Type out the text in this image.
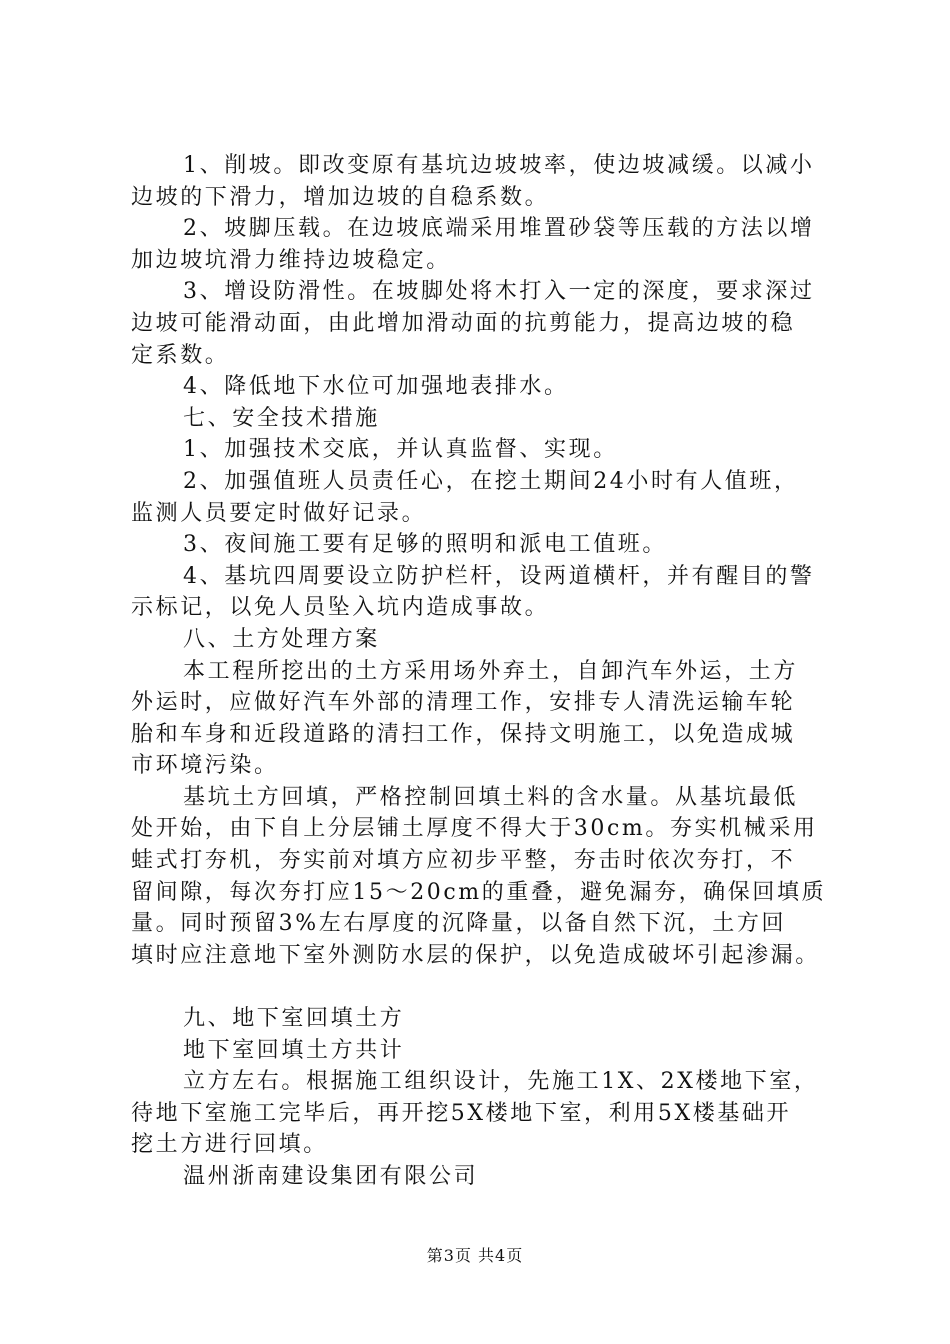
1、削坡。即改变原有基坑边坡坡率，使边坡减缓。以减小
边坡的下滑力，增加边坡的自稳系数。
2、坡脚压载。在边坡底端采用堆置砂袋等压载的方法以增
加边坡坑滑力维持边坡稳定。
3、增设防滑性。在坡脚处将木打入一定的深度，要求深过
边坡可能滑动面，由此增加滑动面的抗剪能力，提高边坡的稳
定系数。
4、降低地下水位可加强地表排水。
七、安全技术措施
1、加强技术交底，并认真监督、实现。
2、加强值班人员责任心，在挖土期间24小时有人值班，
监测人员要定时做好记录。
3、夜间施工要有足够的照明和派电工值班。
4、基坑四周要设立防护栏杆，设两道横杆，并有醒目的警
示标记，以免人员坠入坑内造成事故。
八、土方处理方案
本工程所挖出的土方采用场外弃土，自卸汽车外运，土方
外运时，应做好汽车外部的清理工作，安排专人清洗运输车轮
胎和车身和近段道路的清扫工作，保持文明施工，以免造成城
市环境污染。
基坑土方回填，严格控制回填土料的含水量。从基坑最低
处开始，由下自上分层铺土厚度不得大于30cm。夯实机械采用
蛙式打夯机，夯实前对填方应初步平整，夯击时依次夯打，不
留间隙，每次夯打应15～20cm的重叠，避免漏夯，确保回填质
量。同时预留3%左右厚度的沉降量，以备自然下沉，土方回
填时应注意地下室外测防水层的保护，以免造成破坏引起渗漏。
九、地下室回填土方
地下室回填土方共计
立方左右。根据施工组织设计，先施工1X、2X楼地下室，
待地下室施工完毕后，再开挖5X楼地下室，利用5X楼基础开
挖土方进行回填。
温州浙南建设集团有限公司
第3页 共4页
